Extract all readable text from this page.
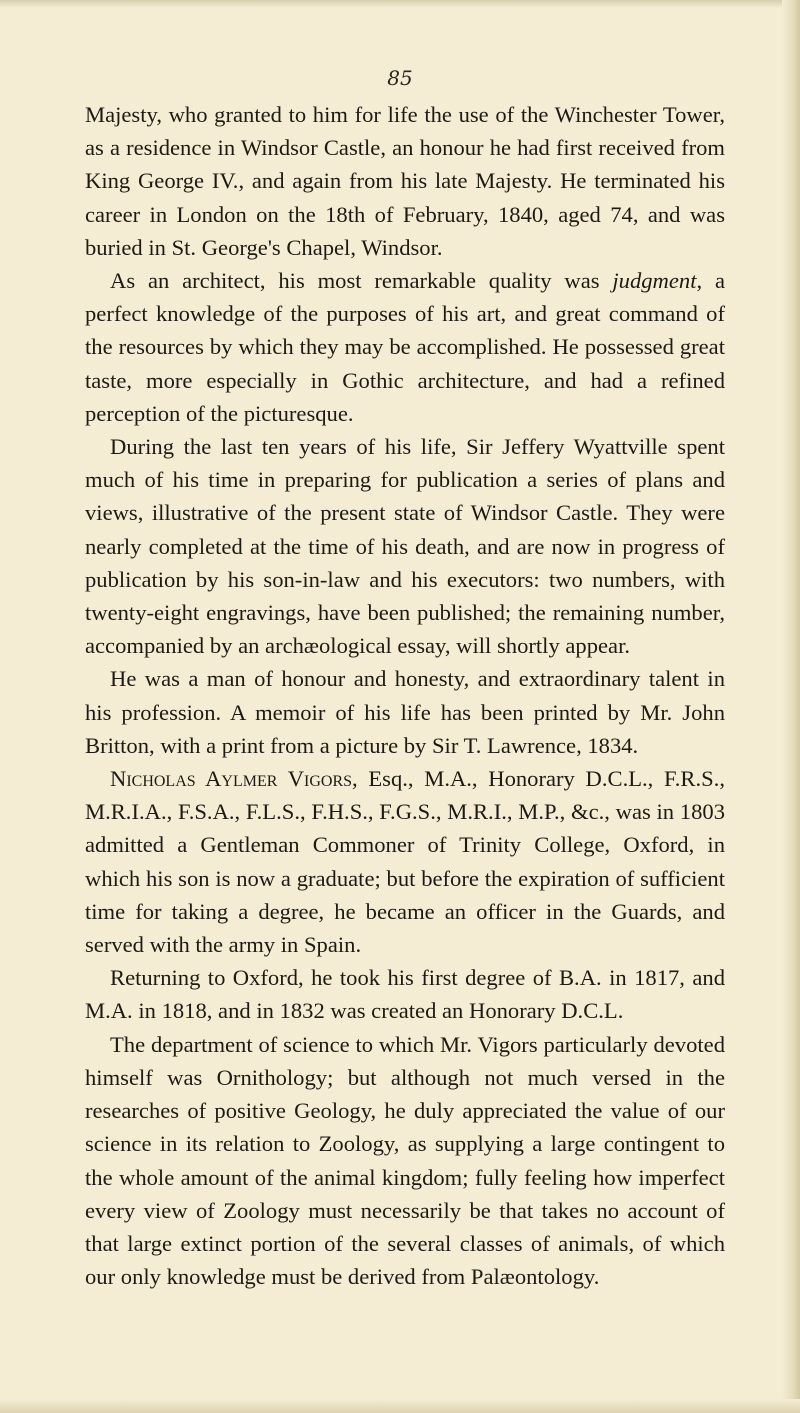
85

Majesty, who granted to him for life the use of the Winchester Tower, as a residence in Windsor Castle, an honour he had first received from King George IV., and again from his late Majesty. He terminated his career in London on the 18th of February, 1840, aged 74, and was buried in St. George's Chapel, Windsor.

As an architect, his most remarkable quality was judgment, a perfect knowledge of the purposes of his art, and great command of the resources by which they may be accomplished. He possessed great taste, more especially in Gothic architecture, and had a refined perception of the picturesque.

During the last ten years of his life, Sir Jeffery Wyattville spent much of his time in preparing for publication a series of plans and views, illustrative of the present state of Windsor Castle. They were nearly completed at the time of his death, and are now in progress of publication by his son-in-law and his executors: two numbers, with twenty-eight engravings, have been published; the remaining number, accompanied by an archæological essay, will shortly appear.

He was a man of honour and honesty, and extraordinary talent in his profession. A memoir of his life has been printed by Mr. John Britton, with a print from a picture by Sir T. Lawrence, 1834.

Nicholas Aylmer Vigors, Esq., M.A., Honorary D.C.L., F.R.S., M.R.I.A., F.S.A., F.L.S., F.H.S., F.G.S., M.R.I., M.P., &c., was in 1803 admitted a Gentleman Commoner of Trinity College, Oxford, in which his son is now a graduate; but before the expiration of sufficient time for taking a degree, he became an officer in the Guards, and served with the army in Spain.

Returning to Oxford, he took his first degree of B.A. in 1817, and M.A. in 1818, and in 1832 was created an Honorary D.C.L.

The department of science to which Mr. Vigors particularly devoted himself was Ornithology; but although not much versed in the researches of positive Geology, he duly appreciated the value of our science in its relation to Zoology, as supplying a large contingent to the whole amount of the animal kingdom; fully feeling how imperfect every view of Zoology must necessarily be that takes no account of that large extinct portion of the several classes of animals, of which our only knowledge must be derived from Palæontology.
